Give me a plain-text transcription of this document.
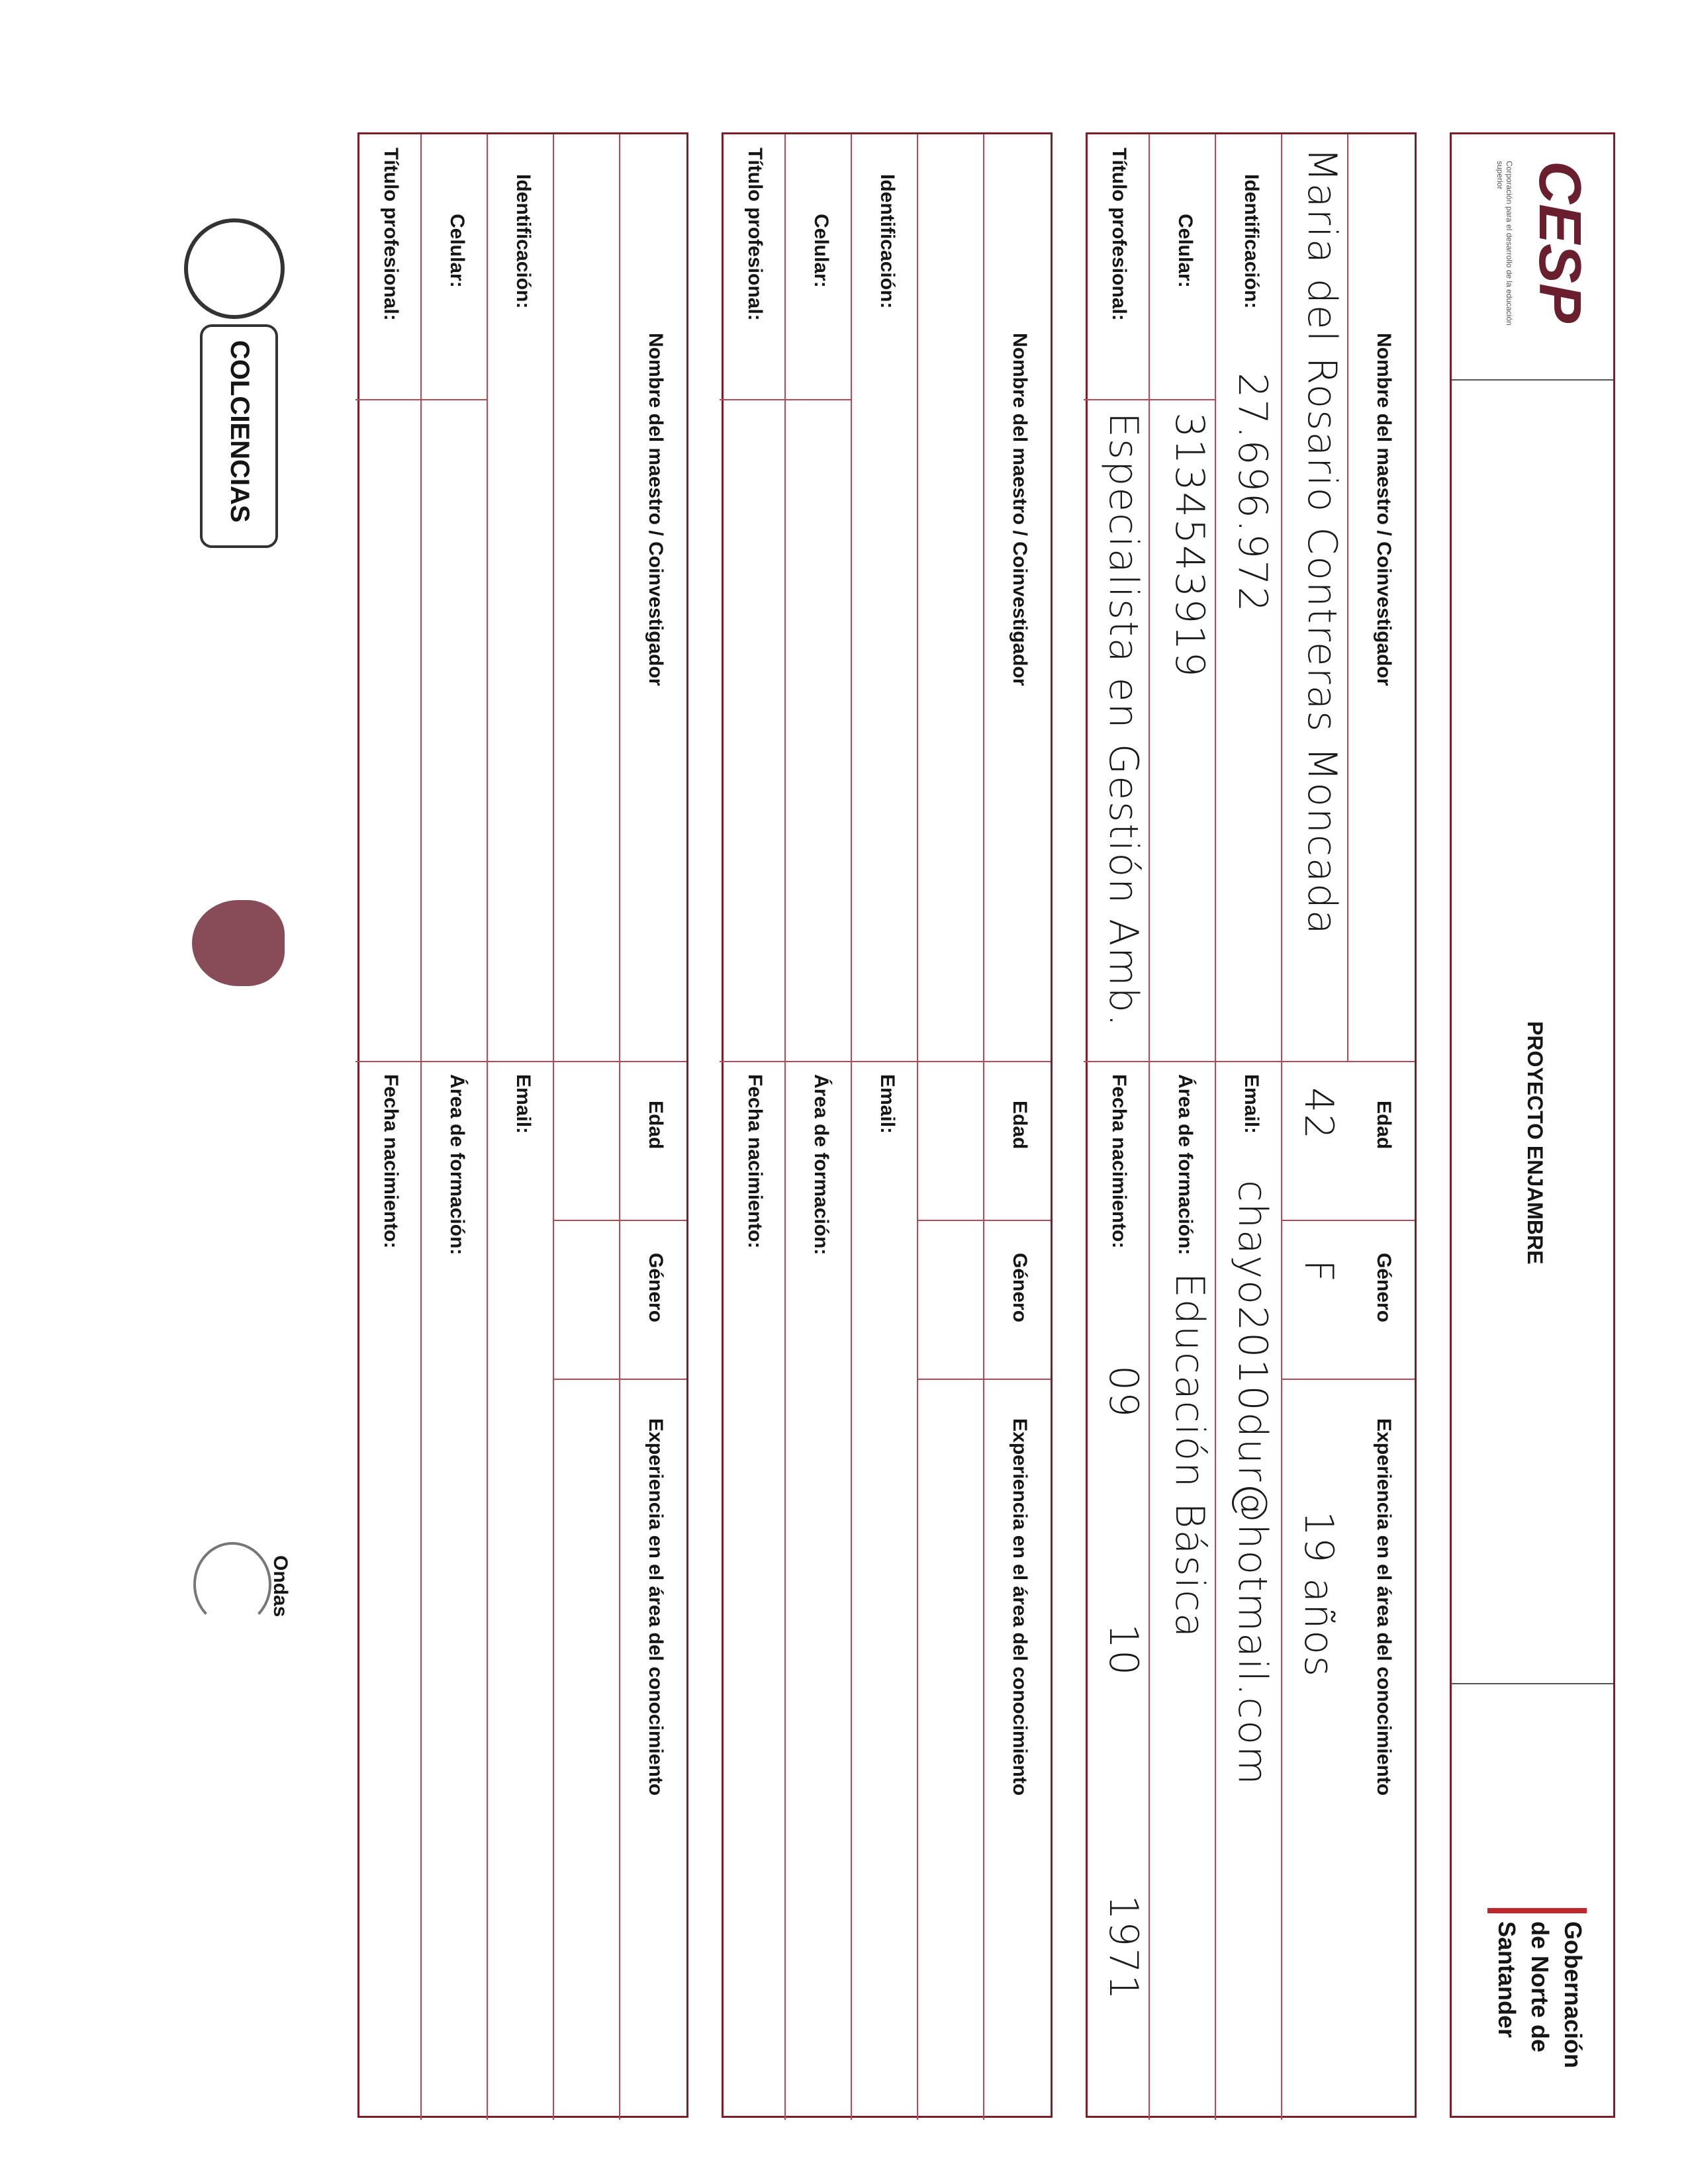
CESP
Corporación para el desarrollo de la educación superior
PROYECTO ENJAMBRE
Gobernación
de Norte de
Santander
Nombre del maestro / Coinvestigador
Edad
Género
Experiencia en el área del conocimiento
Maria del Rosario Contreras Moncada
42
F
19 años
Identificación:
27.696.972
Email:
chayo2010dur@hotmail.com
Celular:
3134543919
Área de formación:
Educación Básica
Título profesional:
Especialista en Gestión Amb.
Fecha nacimiento:
09
10
1971
Nombre del maestro / Coinvestigador
Edad
Género
Experiencia en el área del conocimiento
Identificación:
Email:
Celular:
Área de formación:
Título profesional:
Fecha nacimiento:
Nombre del maestro / Coinvestigador
Edad
Género
Experiencia en el área del conocimiento
Identificación:
Email:
Celular:
Área de formación:
Título profesional:
Fecha nacimiento:
COLCIENCIAS
Ondas
